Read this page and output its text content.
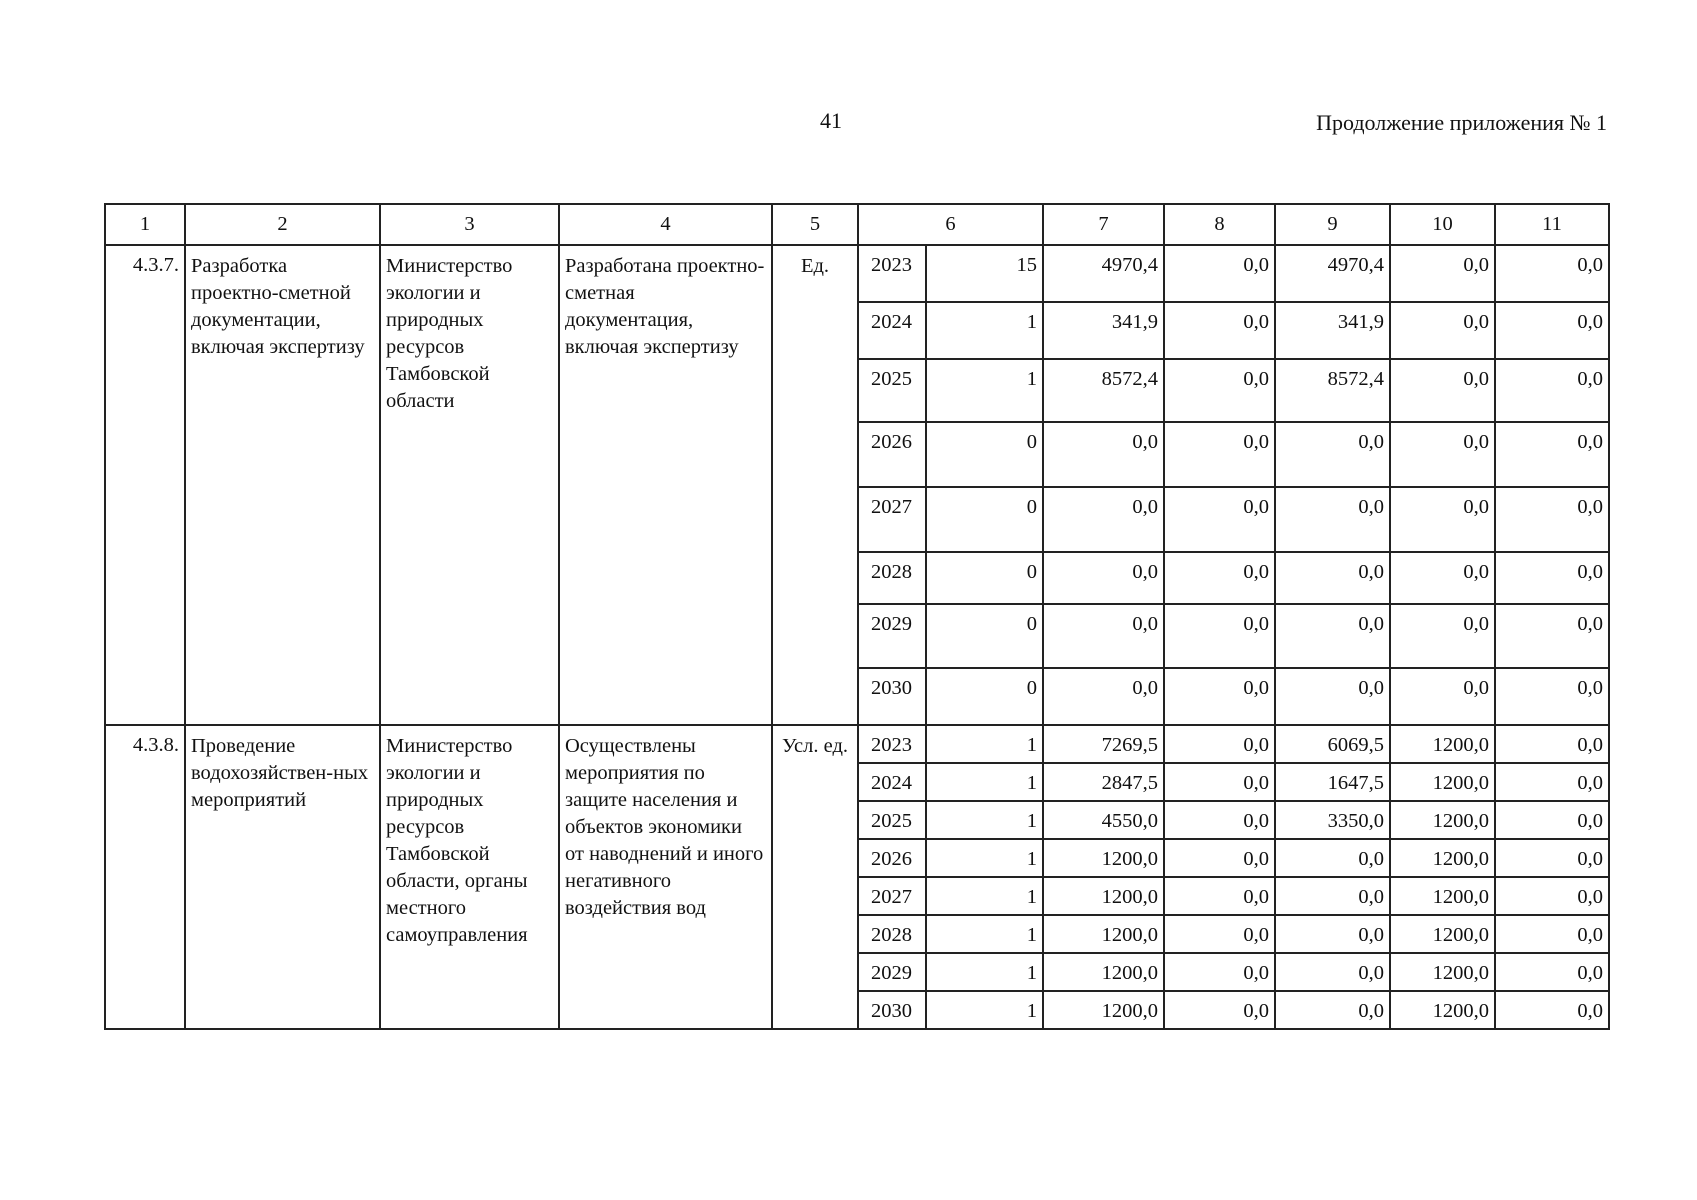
41	Продолжение приложения № 1
1	2	3	4	5	6		7	8	9	10	11
4.3.7.	Разработка проектно-сметной документации, включая экспертизу	Министерство экологии и природных ресурсов Тамбовской области	Разработана проектно-сметная документация, включая экспертизу	Ед.	2023	15	4970,4	0,0	4970,4	0,0	0,0
					2024	1	341,9	0,0	341,9	0,0	0,0
					2025	1	8572,4	0,0	8572,4	0,0	0,0
					2026	0	0,0	0,0	0,0	0,0	0,0
					2027	0	0,0	0,0	0,0	0,0	0,0
					2028	0	0,0	0,0	0,0	0,0	0,0
					2029	0	0,0	0,0	0,0	0,0	0,0
					2030	0	0,0	0,0	0,0	0,0	0,0
4.3.8.	Проведение водохозяйствен-ных мероприятий	Министерство экологии и природных ресурсов Тамбовской области, органы местного самоуправления	Осуществлены мероприятия по защите населения и объектов экономики от наводнений и иного негативного воздействия вод	Усл. ед.	2023	1	7269,5	0,0	6069,5	1200,0	0,0
					2024	1	2847,5	0,0	1647,5	1200,0	0,0
					2025	1	4550,0	0,0	3350,0	1200,0	0,0
					2026	1	1200,0	0,0	0,0	1200,0	0,0
					2027	1	1200,0	0,0	0,0	1200,0	0,0
					2028	1	1200,0	0,0	0,0	1200,0	0,0
					2029	1	1200,0	0,0	0,0	1200,0	0,0
					2030	1	1200,0	0,0	0,0	1200,0	0,0
